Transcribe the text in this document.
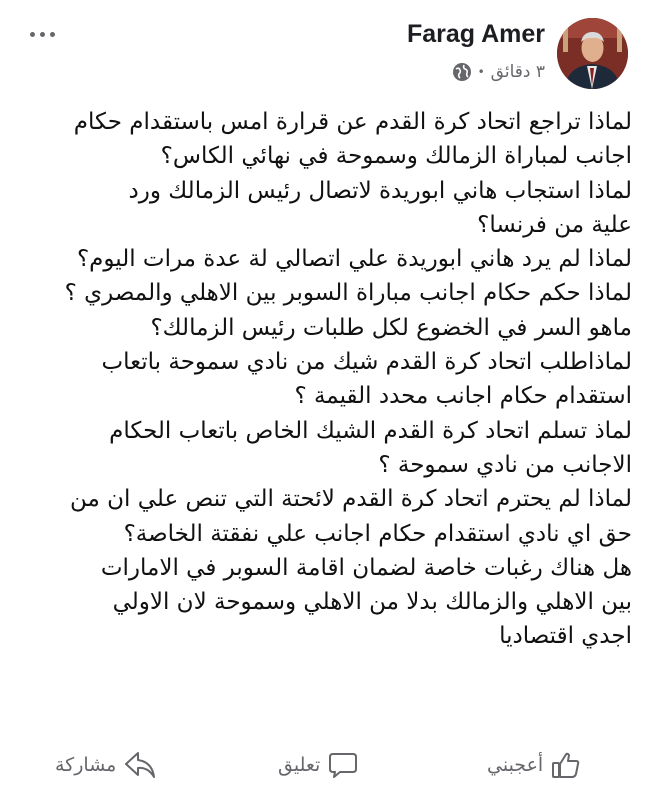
Farag Amer
٣ دقائق
•
لماذا تراجع اتحاد كرة القدم عن قرارة امس باستقدام حكام
اجانب لمباراة الزمالك وسموحة في نهائي الكاس؟
لماذا استجاب هاني ابوريدة لاتصال رئيس الزمالك ورد
علية من فرنسا؟
لماذا لم يرد هاني ابوريدة علي اتصالي لة عدة مرات اليوم؟
لماذا حكم حكام اجانب مباراة السوبر بين الاهلي والمصري ؟
ماهو السر في الخضوع لكل طلبات رئيس الزمالك؟
لماذاطلب اتحاد كرة القدم شيك من نادي سموحة باتعاب
استقدام حكام اجانب محدد القيمة ؟
لماذ تسلم اتحاد كرة القدم الشيك الخاص باتعاب الحكام
الاجانب من نادي سموحة ؟
لماذا لم يحترم اتحاد كرة القدم لائحتة التي تنص علي ان من
حق اي نادي استقدام حكام اجانب علي نفقتة الخاصة؟
هل هناك رغبات خاصة لضمان اقامة السوبر في الامارات
بين الاهلي والزمالك بدلا من الاهلي وسموحة لان الاولي
اجدي اقتصاديا
أعجبني
تعليق
مشاركة
